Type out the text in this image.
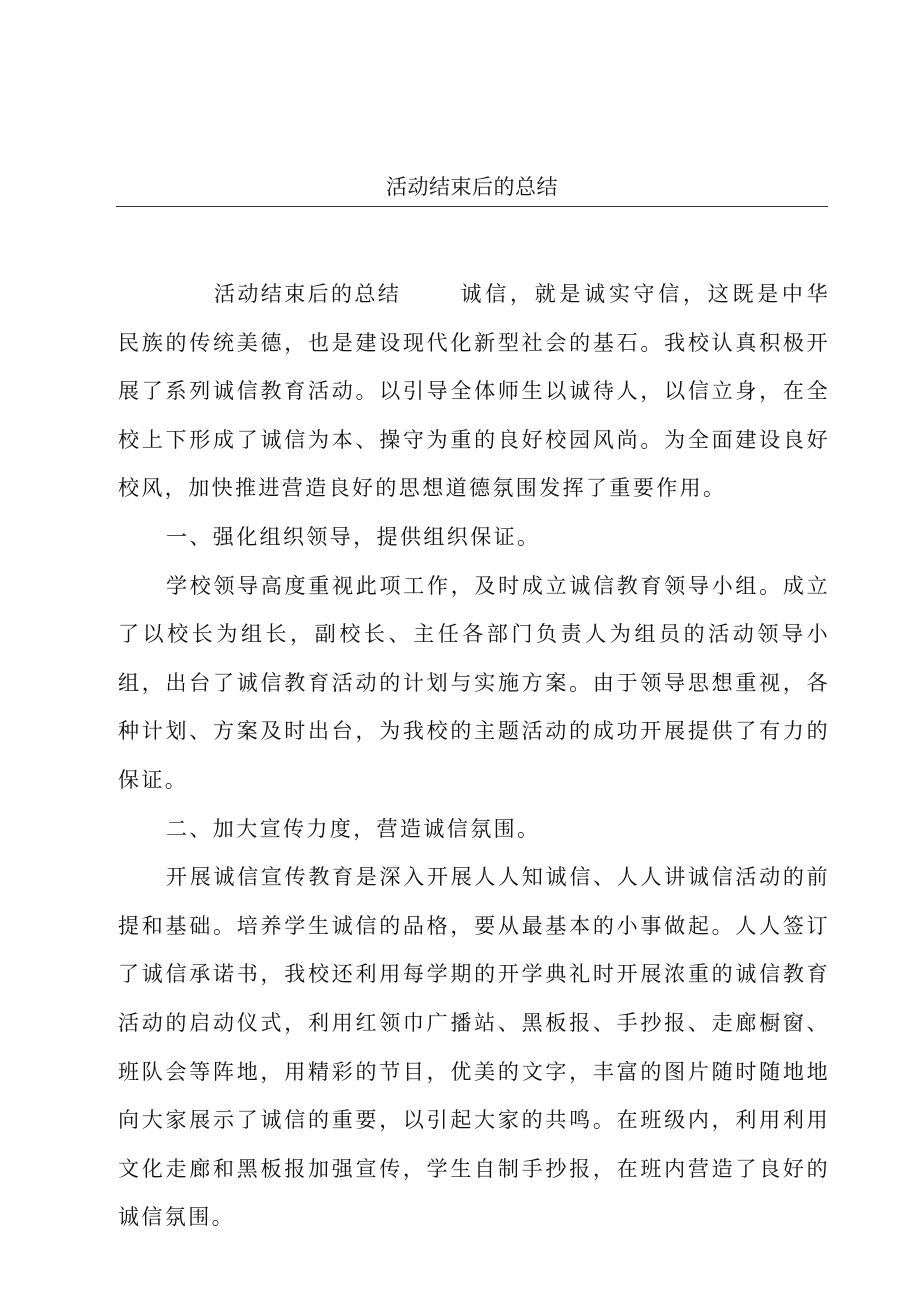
活动结束后的总结

活动结束后的总结	诚信，就是诚实守信，这既是中华民族的传统美德，也是建设现代化新型社会的基石。我校认真积极开展了系列诚信教育活动。以引导全体师生以诚待人，以信立身，在全校上下形成了诚信为本、操守为重的良好校园风尚。为全面建设良好校风，加快推进营造良好的思想道德氛围发挥了重要作用。

一、强化组织领导，提供组织保证。

学校领导高度重视此项工作，及时成立诚信教育领导小组。成立了以校长为组长，副校长、主任各部门负责人为组员的活动领导小组，出台了诚信教育活动的计划与实施方案。由于领导思想重视，各种计划、方案及时出台，为我校的主题活动的成功开展提供了有力的保证。

二、加大宣传力度，营造诚信氛围。

开展诚信宣传教育是深入开展人人知诚信、人人讲诚信活动的前提和基础。培养学生诚信的品格，要从最基本的小事做起。人人签订了诚信承诺书，我校还利用每学期的开学典礼时开展浓重的诚信教育活动的启动仪式，利用红领巾广播站、黑板报、手抄报、走廊橱窗、班队会等阵地，用精彩的节目，优美的文字，丰富的图片随时随地地向大家展示了诚信的重要，以引起大家的共鸣。在班级内，利用利用文化走廊和黑板报加强宣传，学生自制手抄报，在班内营造了良好的诚信氛围。
